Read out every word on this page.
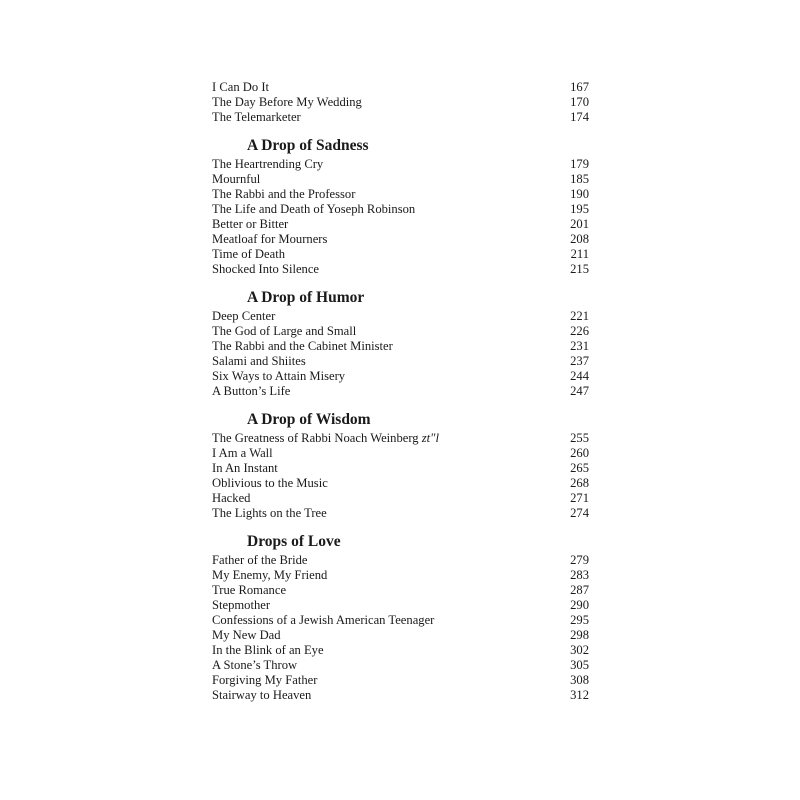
I Can Do It	167
The Day Before My Wedding	170
The Telemarketer	174
A Drop of Sadness
The Heartrending Cry	179
Mournful	185
The Rabbi and the Professor	190
The Life and Death of Yoseph Robinson	195
Better or Bitter	201
Meatloaf for Mourners	208
Time of Death	211
Shocked Into Silence	215
A Drop of Humor
Deep Center	221
The God of Large and Small	226
The Rabbi and the Cabinet Minister	231
Salami and Shiites	237
Six Ways to Attain Misery	244
A Button’s Life	247
A Drop of Wisdom
The Greatness of Rabbi Noach Weinberg zt"l	255
I Am a Wall	260
In An Instant	265
Oblivious to the Music	268
Hacked	271
The Lights on the Tree	274
Drops of Love
Father of the Bride	279
My Enemy, My Friend	283
True Romance	287
Stepmother	290
Confessions of a Jewish American Teenager	295
My New Dad	298
In the Blink of an Eye	302
A Stone’s Throw	305
Forgiving My Father	308
Stairway to Heaven	312
